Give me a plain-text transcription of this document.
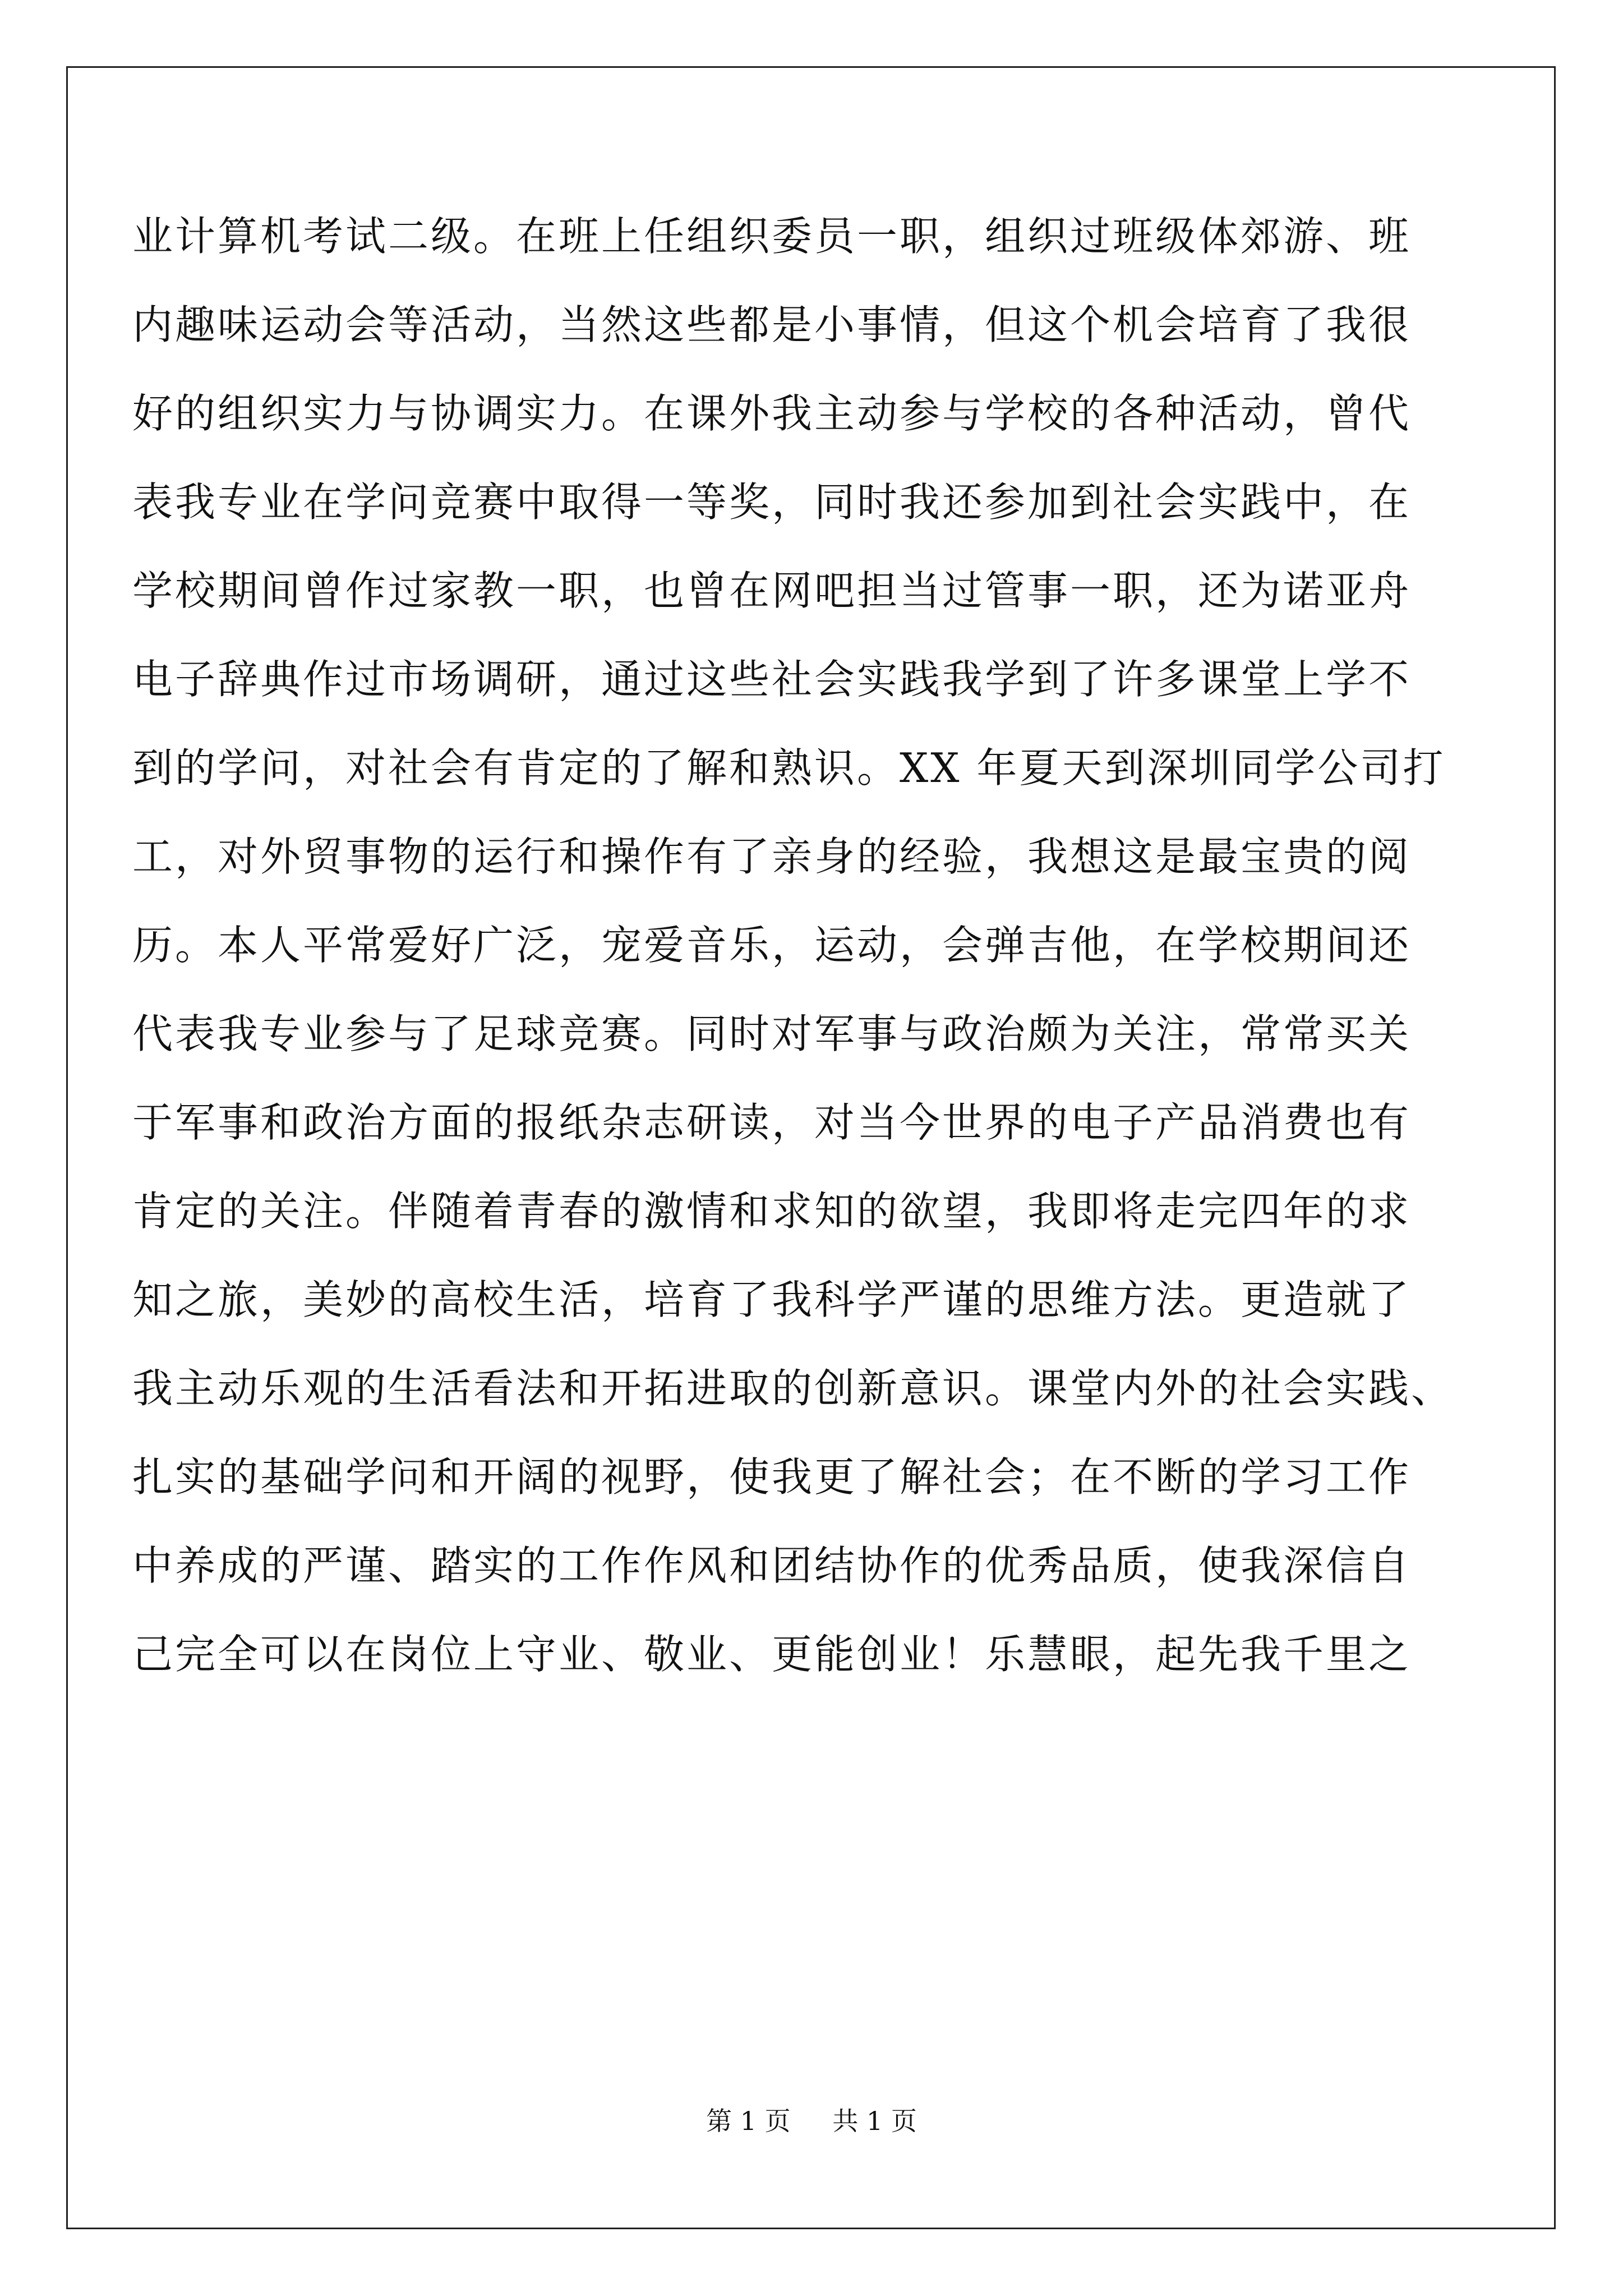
业计算机考试二级。在班上任组织委员一职，组织过班级体郊游、班
内趣味运动会等活动，当然这些都是小事情，但这个机会培育了我很
好的组织实力与协调实力。在课外我主动参与学校的各种活动，曾代
表我专业在学问竞赛中取得一等奖，同时我还参加到社会实践中，在
学校期间曾作过家教一职，也曾在网吧担当过管事一职，还为诺亚舟
电子辞典作过市场调研，通过这些社会实践我学到了许多课堂上学不
到的学问，对社会有肯定的了解和熟识。XX 年夏天到深圳同学公司打
工，对外贸事物的运行和操作有了亲身的经验，我想这是最宝贵的阅
历。本人平常爱好广泛，宠爱音乐，运动，会弹吉他，在学校期间还
代表我专业参与了足球竞赛。同时对军事与政治颇为关注，常常买关
于军事和政治方面的报纸杂志研读，对当今世界的电子产品消费也有
肯定的关注。伴随着青春的激情和求知的欲望，我即将走完四年的求
知之旅，美妙的高校生活，培育了我科学严谨的思维方法。更造就了
我主动乐观的生活看法和开拓进取的创新意识。课堂内外的社会实践、
扎实的基础学问和开阔的视野，使我更了解社会；在不断的学习工作
中养成的严谨、踏实的工作作风和团结协作的优秀品质，使我深信自
己完全可以在岗位上守业、敬业、更能创业！乐慧眼，起先我千里之
第 1 页 共 1 页
